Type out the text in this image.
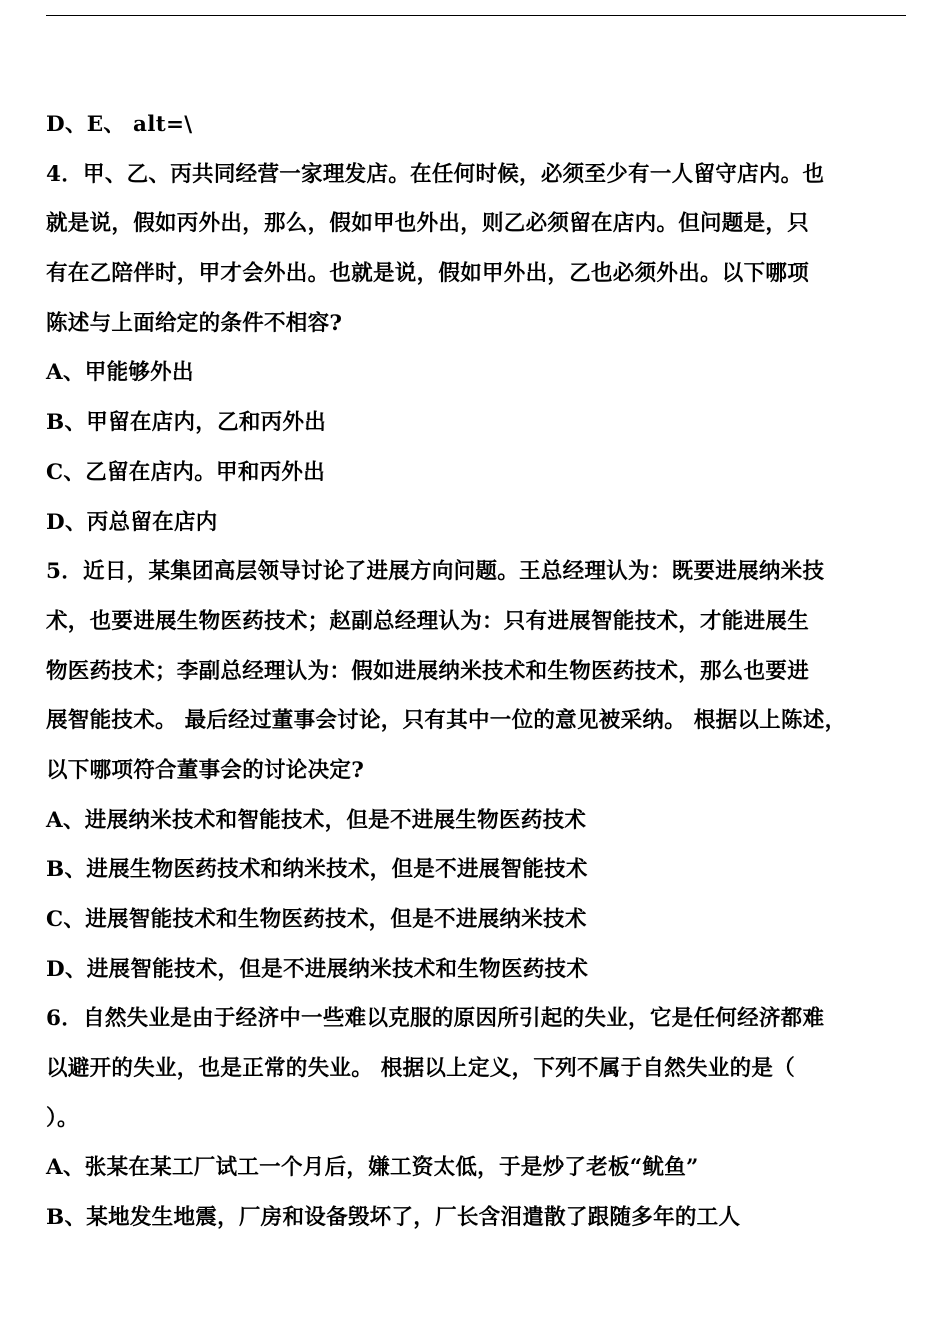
D、E、 alt=\
4．甲、乙、丙共同经营一家理发店。在任何时候，必须至少有一人留守店内。也
就是说，假如丙外出，那么，假如甲也外出，则乙必须留在店内。但问题是，只
有在乙陪伴时，甲才会外出。也就是说，假如甲外出，乙也必须外出。以下哪项
陈述与上面给定的条件不相容?
A、甲能够外出
B、甲留在店内，乙和丙外出
C、乙留在店内。甲和丙外出
D、丙总留在店内
5．近日，某集团高层领导讨论了进展方向问题。王总经理认为：既要进展纳米技
术，也要进展生物医药技术；赵副总经理认为：只有进展智能技术，才能进展生
物医药技术；李副总经理认为：假如进展纳米技术和生物医药技术，那么也要进
展智能技术。 最后经过董事会讨论，只有其中一位的意见被采纳。 根据以上陈述，
以下哪项符合董事会的讨论决定?
A、进展纳米技术和智能技术，但是不进展生物医药技术
B、进展生物医药技术和纳米技术，但是不进展智能技术
C、进展智能技术和生物医药技术，但是不进展纳米技术
D、进展智能技术，但是不进展纳米技术和生物医药技术
6．自然失业是由于经济中一些难以克服的原因所引起的失业，它是任何经济都难
以避开的失业，也是正常的失业。 根据以上定义，下列不属于自然失业的是（
）。
A、张某在某工厂试工一个月后，嫌工资太低，于是炒了老板“鱿鱼”
B、某地发生地震，厂房和设备毁坏了，厂长含泪遣散了跟随多年的工人
